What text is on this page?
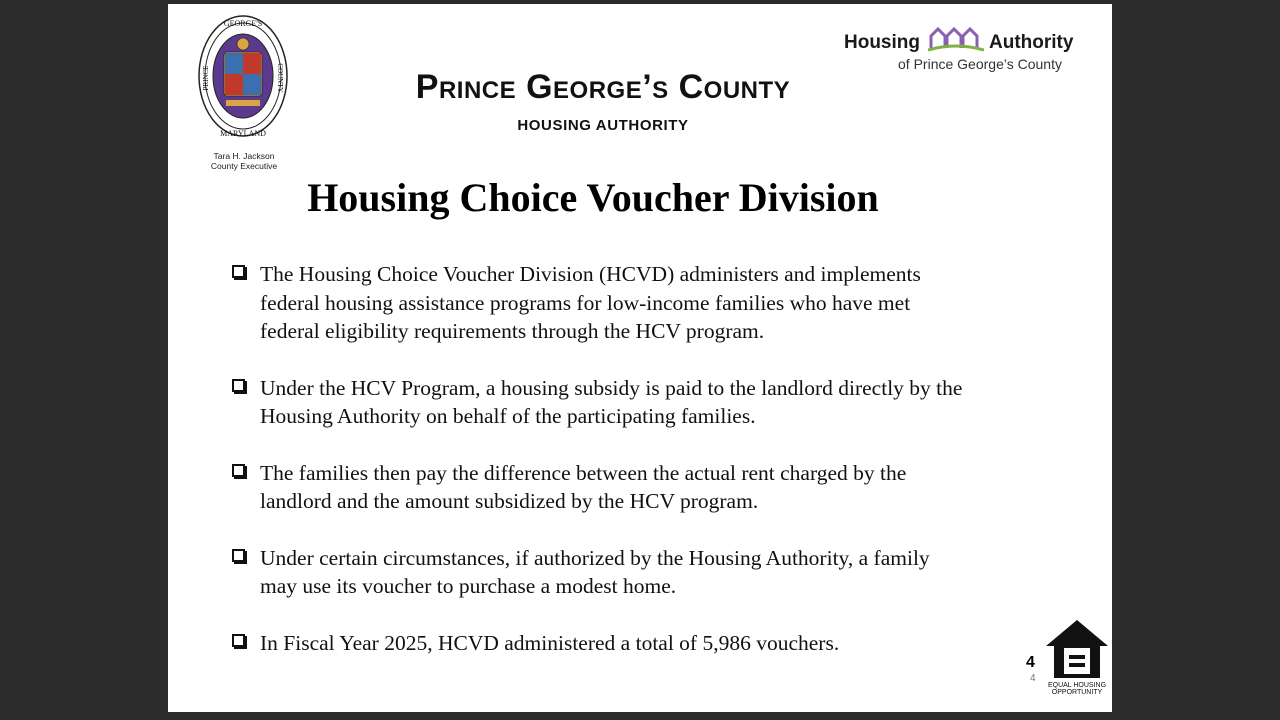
GEORGE'S
MARYLAND
PRINCE	COUNTY
Tara H. Jackson
County Executive
Prince George’s County
HOUSING AUTHORITY
Housing	Authority
of Prince George’s County
Housing Choice Voucher Division
The Housing Choice Voucher Division (HCVD) administers and implements federal housing assistance programs for low-income families who have met federal eligibility requirements through the HCV program.
Under the HCV Program, a housing subsidy is paid to the landlord directly by the Housing Authority on behalf of the participating families.
The families then pay the difference between the actual rent charged by the landlord and the amount subsidized by the HCV program.
Under certain circumstances, if authorized by the Housing Authority, a family may use its voucher to purchase a modest home.
In Fiscal Year 2025, HCVD administered a total of 5,986 vouchers.
4
4
EQUAL HOUSING
OPPORTUNITY
